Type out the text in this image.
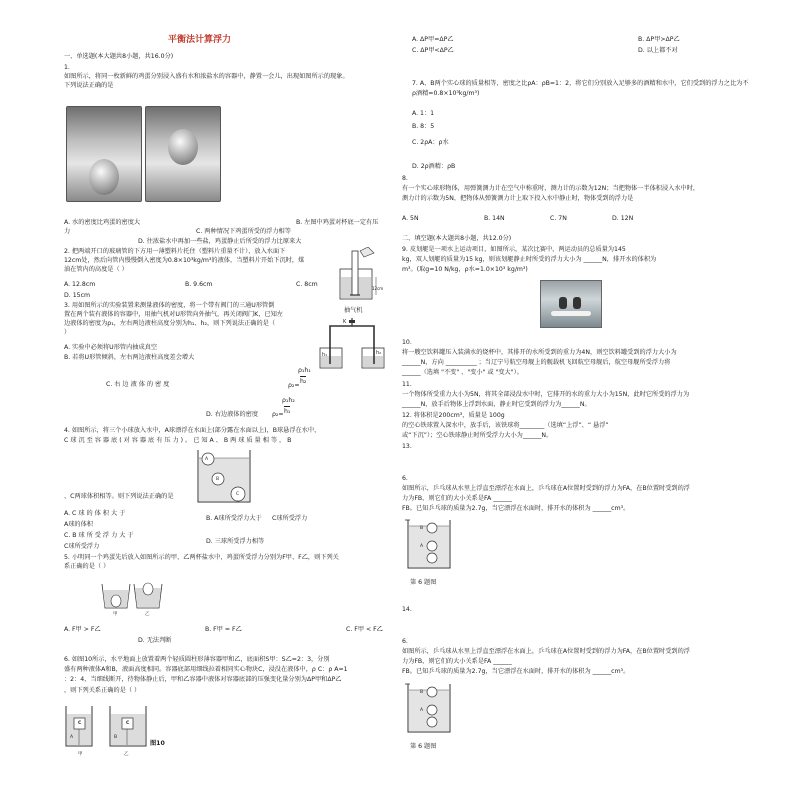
平衡法计算浮力
一、单选题(本大题共8小题，共16.0分)
1.
如图所示，将同一枚新鲜的鸡蛋分别浸入盛有水和浓盐水的容器中，静置一会儿，出现如图所示的现象。
下列说法正确的是
A. 水的密度比鸡蛋的密度大	B. 左图中鸡蛋对杯底一定有压
力	C. 两种情况下鸡蛋所受的浮力相等
D. 往浓盐水中再加一些盐，鸡蛋静止后所受的浮力比原来大
2. 把两端开口的玻璃管的下方用一薄塑料片托住（塑料片重量不计），放入水面下
12cm处，然后向管内慢慢倒入密度为0.8×10³kg/m³的液体，当塑料片开始下沉时，煤
油在管内的高度是（ ）
A. 12.8cm	B. 9.6cm	C. 8cm
D. 15cm
12cm
3. 用如图所示的实验装置来测量液体的密度，将一个带有阀门的三通U形管倒
置在两个装有液体的容器中，用抽气机对U形管向外抽气，再关闭阀门K，已知左
边液体的密度为ρ₁，左右两边液柱高度分别为h₁、h₂，则下列说法正确的是（
）
A. 实验中必须将U形管内抽成真空
B. 若将U形管倾斜，左右两边液柱高度差会增大
抽气机
K
h₁	h₂
C. 右 边 液 体 的 密 度	ρ₂=
ρ₁h₁
h₂
D. 右边液体的密度 ρ₂=
ρ₁h₂
h₁
4. 如图所示，将三个小球放入水中，A球漂浮在水面上(部分露在水面以上)，B球悬浮在水中，
C 球 沉 至 容 器 底 ( 对 容 器 底 有 压 力 ) 。 已 知 A 、 B 两 球 质 量 相 等 ， B
A
B
C
、C两球体积相等。则下列说法正确的是
A. C 球 的 体 积 大 于
B. A球所受浮力大于 C球所受浮力
A球的体积
C. B 球 所 受 浮 力 大 于
D. 三球所受浮力相等
C球所受浮力
5. 小明同一个鸡蛋先后放入如图所示的甲、乙两杯盐水中，鸡蛋所受浮力分别为F甲、F乙，则下列关
系正确的是（ ）
甲	乙
A. F甲 > F乙	B. F甲 = F乙	C. F甲 < F乙
D. 无法判断
6. 如图10所示，水平地面上放置着两个轻质圆柱形薄容器甲和乙，底面积S甲：S乙=2：3，分别
盛有两种液体A和B，液面高度相同。容器底部用细线拉着相同实心物块C，浸没在液体中，ρ C：ρ A=1
：2：4，当细线断开，待物体静止后，甲和乙容器中液体对容器底部的压强变化量分别为ΔP甲和ΔP乙
，则下列关系正确的是（ ）
C	C
A	B
图10
甲	乙
A. ΔP甲=ΔP乙	B. ΔP甲>ΔP乙
C. ΔP甲<ΔP乙	D. 以上都不对
7. A、B两个实心球的质量相等，密度之比ρA：ρB=1：2，将它们分别放入足够多的酒精和水中，它们受到的浮力之比为不
ρ酒精=0.8×10³kg/m³)
A. 1：1
B. 8：5
C. 2ρA：ρ水
D. 2ρ酒精：ρB
8.
有一个实心球形物体，用弹簧测力计在空气中称重时，测力计的示数为12N；当把物体一半体积浸入水中时，
测力计的示数为5N，把物体从弹簧测力计上取下投入水中静止时，物体受到的浮力是
A. 5N	B. 14N	C. 7N	D. 12N
二、填空题(本大题共8小题，共12.0分)
9. 皮划艇是一项水上运动项目，如图所示，某次比赛中，两运动员的总质量为145
kg，双人划艇的质量为15 kg，则该划艇静止时所受的浮力大小为 ______N，排开水的体积为
m³。(取g=10 N/kg，ρ水=1.0×10³ kg/m³)
10.
将一艘空饮料罐压入装满水的烧杯中，其排开的水所受到的重力为4N，则空饮料罐受到的浮力大小为
______N，方向 __________ ；当辽宁号航空母舰上的舰载机飞回航空母舰后，航空母舰所受浮力将
______（选填 "不变" 、"变小" 或 "变大"）。
11.
一个物体所受重力大小为5N，将其全部浸没水中时，它排开的水的重力大小为15N，此时它所受的浮力为
______N，放手后物体上浮到水面，静止时它受到的浮力为______N。
12. 将体积是200cm³，质量是 100g
的空心铁球置入深水中，放手后，该铁球将________（选填“上浮”、“ 悬浮”
或“下沉”）；空心铁球静止时所受浮力大小为______N。
13.
6.
如图所示，乒乓球从水里上浮直至漂浮在水面上，乒乓球在A位置时受到的浮力为FA，在B位置时受到的浮
力为FB，则它们的大小关系是FA ______
FB。已知乒乓球的质量为2.7g，当它漂浮在水面时，排开水的体积为 ______cm³。
B
A
第 6 题图
14.
6.
如图所示，乒乓球从水里上浮直至漂浮在水面上，乒乓球在A位置时受到的浮力为FA，在B位置时受到的浮
力为FB，则它们的大小关系是FA ______
FB。已知乒乓球的质量为2.7g，当它漂浮在水面时，排开水的体积为 ______cm³。
B
A
第 6 题图
